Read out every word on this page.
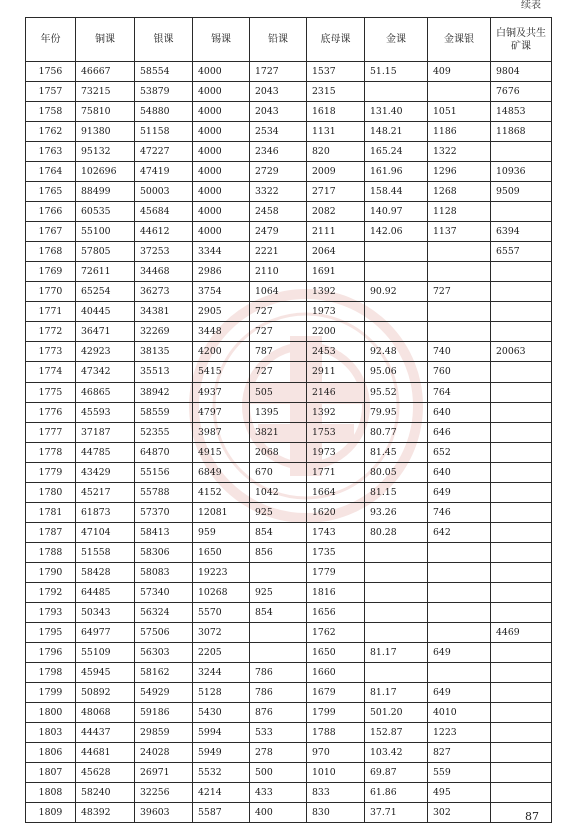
续表
年份	铜课	银课	锡课	铅课	底母课	金课	金课银	白铜及共生矿课
1756	46667	58554	4000	1727	1537	51.15	409	9804
1757	73215	53879	4000	2043	2315			7676
1758	75810	54880	4000	2043	1618	131.40	1051	14853
1762	91380	51158	4000	2534	1131	148.21	1186	11868
1763	95132	47227	4000	2346	820	165.24	1322	
1764	102696	47419	4000	2729	2009	161.96	1296	10936
1765	88499	50003	4000	3322	2717	158.44	1268	9509
1766	60535	45684	4000	2458	2082	140.97	1128	
1767	55100	44612	4000	2479	2111	142.06	1137	6394
1768	57805	37253	3344	2221	2064			6557
1769	72611	34468	2986	2110	1691			
1770	65254	36273	3754	1064	1392	90.92	727	
1771	40445	34381	2905	727	1973			
1772	36471	32269	3448	727	2200			
1773	42923	38135	4200	787	2453	92.48	740	20063
1774	47342	35513	5415	727	2911	95.06	760	
1775	46865	38942	4937	505	2146	95.52	764	
1776	45593	58559	4797	1395	1392	79.95	640	
1777	37187	52355	3987	3821	1753	80.77	646	
1778	44785	64870	4915	2068	1973	81.45	652	
1779	43429	55156	6849	670	1771	80.05	640	
1780	45217	55788	4152	1042	1664	81.15	649	
1781	61873	57370	12081	925	1620	93.26	746	
1787	47104	58413	959	854	1743	80.28	642	
1788	51558	58306	1650	856	1735			
1790	58428	58083	19223		1779			
1792	64485	57340	10268	925	1816			
1793	50343	56324	5570	854	1656			
1795	64977	57506	3072		1762			4469
1796	55109	56303	2205		1650	81.17	649	
1798	45945	58162	3244	786	1660			
1799	50892	54929	5128	786	1679	81.17	649	
1800	48068	59186	5430	876	1799	501.20	4010	
1803	44437	29859	5994	533	1788	152.87	1223	
1806	44681	24028	5949	278	970	103.42	827	
1807	45628	26971	5532	500	1010	69.87	559	
1808	58240	32256	4214	433	833	61.86	495	
1809	48392	39603	5587	400	830	37.71	302		87
